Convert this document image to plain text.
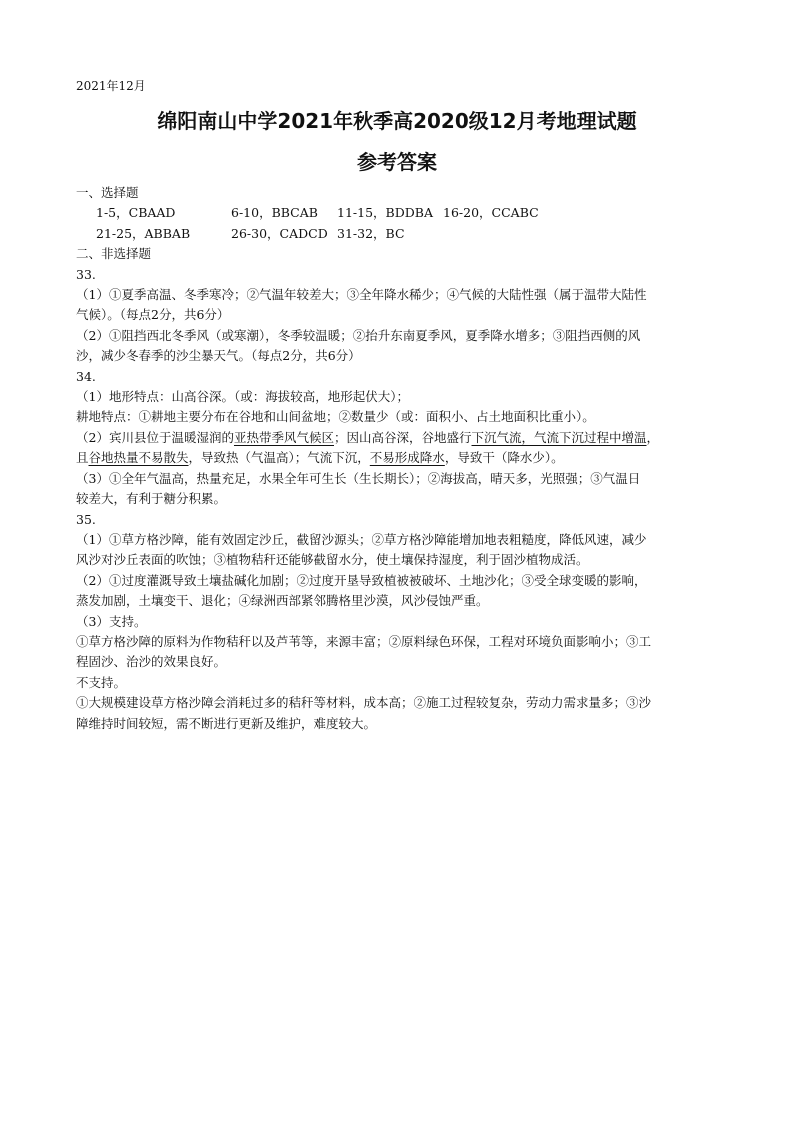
2021年12月
绵阳南山中学2021年秋季高2020级12月考地理试题
参考答案

一、选择题

1-5，CBAAD	6-10，BBCAB	11-15，BDDBA 16-20，CCABC
21-25，ABBAB	26-30，CADCD 31-32，BC

二、非选择题

33.

（1）①夏季高温、冬季寒冷；②气温年较差大；③全年降水稀少；④气候的大陆性强（属于温带大陆性

气候）。（每点2分，共6分）

（2）①阻挡西北冬季风（或寒潮），冬季较温暖；②抬升东南夏季风，夏季降水增多；③阻挡西侧的风

沙，减少冬春季的沙尘暴天气。（每点2分，共6分）

34.

（1）地形特点：山高谷深。（或：海拔较高，地形起伏大）；

耕地特点：①耕地主要分布在谷地和山间盆地；②数量少（或：面积小、占土地面积比重小）。

（2）宾川县位于温暖湿润的亚热带季风气候区；因山高谷深，谷地盛行下沉气流，气流下沉过程中增温，

且谷地热量不易散失，导致热（气温高）；气流下沉，不易形成降水，导致干（降水少）。

（3）①全年气温高，热量充足，水果全年可生长（生长期长）；②海拔高，晴天多，光照强；③气温日

较差大，有利于糖分积累。

35.

（1）①草方格沙障，能有效固定沙丘，截留沙源头；②草方格沙障能增加地表粗糙度，降低风速，减少

风沙对沙丘表面的吹蚀；③植物秸秆还能够截留水分，使土壤保持湿度，利于固沙植物成活。

（2）①过度灌溉导致土壤盐碱化加剧；②过度开垦导致植被被破坏、土地沙化；③受全球变暖的影响，

蒸发加剧，土壤变干、退化；④绿洲西部紧邻腾格里沙漠，风沙侵蚀严重。

（3）支持。

①草方格沙障的原料为作物秸秆以及芦苇等，来源丰富；②原料绿色环保，工程对环境负面影响小；③工

程固沙、治沙的效果良好。

不支持。

①大规模建设草方格沙障会消耗过多的秸秆等材料，成本高；②施工过程较复杂，劳动力需求量多；③沙

障维持时间较短，需不断进行更新及维护，难度较大。
